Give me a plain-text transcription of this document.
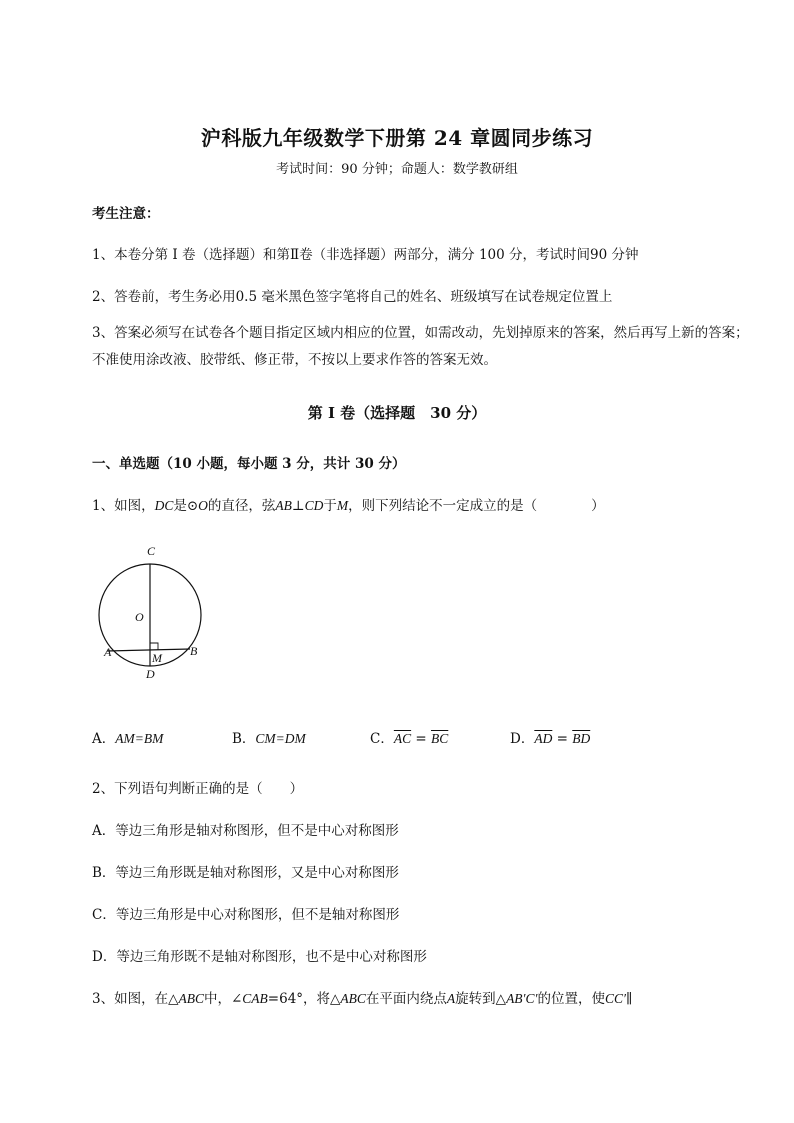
沪科版九年级数学下册第 24 章圆同步练习
考试时间：90 分钟；命题人：数学教研组
考生注意：
1、本卷分第 I 卷（选择题）和第Ⅱ卷（非选择题）两部分，满分 100 分，考试时间90 分钟
2、答卷前，考生务必用0.5 毫米黑色签字笔将自己的姓名、班级填写在试卷规定位置上
3、答案必须写在试卷各个题目指定区域内相应的位置，如需改动，先划掉原来的答案，然后再写上新的答案；不准使用涂改液、胶带纸、修正带，不按以上要求作答的答案无效。
第 I 卷（选择题　30 分）
一、单选题（10 小题，每小题 3 分，共计 30 分）
1、如图，DC是⊙O的直径，弦AB⊥CD于M，则下列结论不一定成立的是（　　　　）
C
O
A	B
M
D
A．AM=BM	B．CM=DM	C．$\overline{AC} = \overline{BC}$	D．$\overline{AD} = \overline{BD}$
2、下列语句判断正确的是（　　）
A．等边三角形是轴对称图形，但不是中心对称图形
B．等边三角形既是轴对称图形，又是中心对称图形
C．等边三角形是中心对称图形，但不是轴对称图形
D．等边三角形既不是轴对称图形，也不是中心对称图形
3、如图，在△ABC中，∠CAB=64°，将△ABC在平面内绕点A旋转到△AB′C′的位置，使CC′∥
